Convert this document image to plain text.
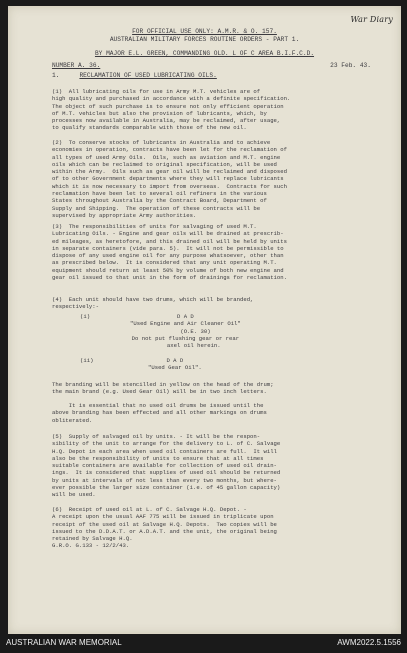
War Diary
FOR OFFICIAL USE ONLY: A.M.R. & O. 157.
AUSTRALIAN MILITARY FORCES ROUTINE ORDERS - PART 1.
BY MAJOR E.L. GREEN, COMMANDING OLD. L OF C AREA B.I.F.C.D.
NUMBER A. 36.	23 Feb. 43.
1.	RECLAMATION OF USED LUBRICATING OILS.
(1)  All lubricating oils for use in Army M.T. vehicles are of
high quality and purchased in accordance with a definite specification.
The object of such purchase is to ensure not only efficient operation
of M.T. vehicles but also the provision of lubricants, which, by
processes now available in Australia, may be reclaimed, after usage,
to qualify standards comparable with those of the new oil.
(2)  To conserve stocks of lubricants in Australia and to achieve
economies in operation, contracts have been let for the reclamation of
all types of used Army Oils.  Oils, such as aviation and M.T. engine
oils which can be reclaimed to original specification, will be used
within the Army.  Oils such as gear oil will be reclaimed and disposed
of to other Government departments where they will replace lubricants
which it is now necessary to import from overseas.  Contracts for such
reclamation have been let to several oil refiners in the various
States throughout Australia by the Contract Board, Department of
Supply and Shipping.  The operation of these contracts will be
supervised by appropriate Army authorities.
(3)  The responsibilities of units for salvaging of used M.T.
Lubricating Oils. - Engine and gear oils will be drained at prescrib-
ed mileages, as heretofore, and this drained oil will be held by units
in separate containers (vide para. 5).  It will not be permissible to
dispose of any used engine oil for any purpose whatsoever, other than
as prescribed below.  It is considered that any unit operating M.T.
equipment should return at least 50% by volume of both new engine and
gear oil issued to that unit in the form of drainings for reclamation.
(4)  Each unit should have two drums, which will be branded,
respectively:-
(i)	D A D
"Used Engine and Air Cleaner Oil"
(O.E. 30)
Do not put flushing gear or rear
axel oil herein.
(ii)	D A D
"Used Gear Oil".
The branding will be stencilled in yellow on the head of the drum;
the main brand (e.g. Used Gear Oil) will be in two inch letters.
It is essential that no used oil drums be issued until the
above branding has been effected and all other markings on drums
obliterated.
(5)  Supply of salvaged oil by units. - It will be the respon-
sibility of the unit to arrange for the delivery to L. of C. Salvage
H.Q. Depot in each area when used oil containers are full.  It will
also be the responsibility of units to ensure that at all times
suitable containers are available for collection of used oil drain-
ings.  It is considered that supplies of used oil should be returned
by units at intervals of not less than every two months, but where-
ever possible the larger size container (i.e. of 45 gallon capacity)
will be used.
(6)  Receipt of used oil at L. of C. Salvage H.Q. Depot. -
A receipt upon the usual AAF 775 will be issued in triplicate upon
receipt of the used oil at Salvage H.Q. Depots.  Two copies will be
issued to the D.D.A.T. or A.D.A.T. and the unit, the original being
retained by Salvage H.Q.
G.R.O. G.133 - 12/2/43.
AUSTRALIAN WAR MEMORIAL	AWM2022.5.1556
